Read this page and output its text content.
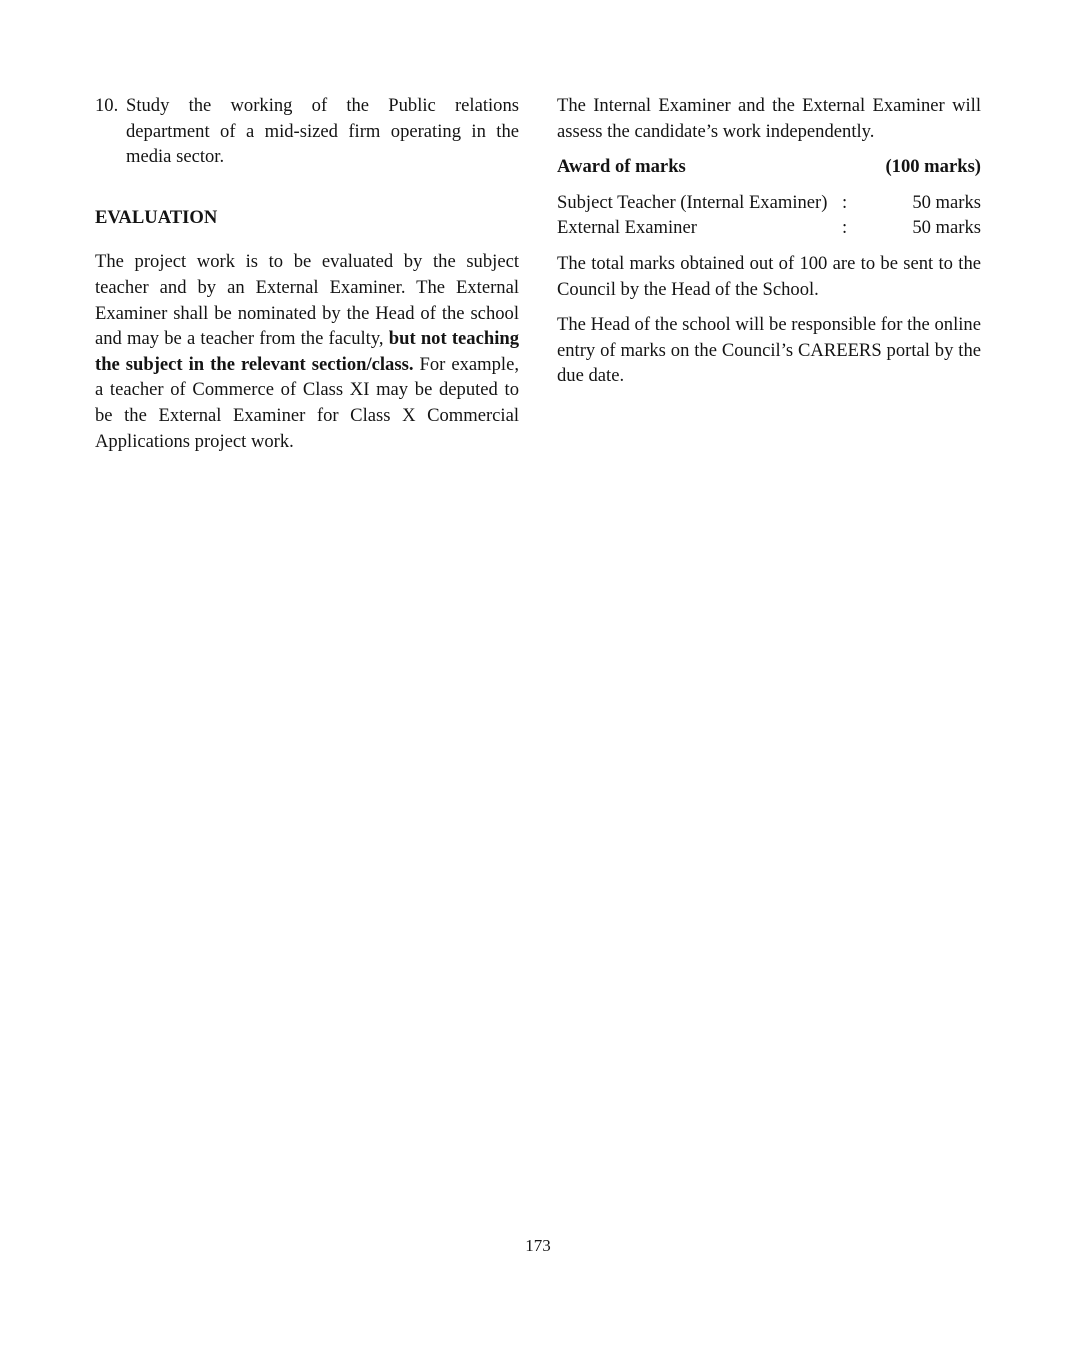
10. Study the working of the Public relations department of a mid-sized firm operating in the media sector.

EVALUATION

The project work is to be evaluated by the subject teacher and by an External Examiner. The External Examiner shall be nominated by the Head of the school and may be a teacher from the faculty, but not teaching the subject in the relevant section/class. For example, a teacher of Commerce of Class XI may be deputed to be the External Examiner for Class X Commercial Applications project work.

The Internal Examiner and the External Examiner will assess the candidate’s work independently.

Award of marks	(100 marks)
Subject Teacher (Internal Examiner) :	50 marks
External Examiner	:	50 marks

The total marks obtained out of 100 are to be sent to the Council by the Head of the School.

The Head of the school will be responsible for the online entry of marks on the Council’s CAREERS portal by the due date.

173
